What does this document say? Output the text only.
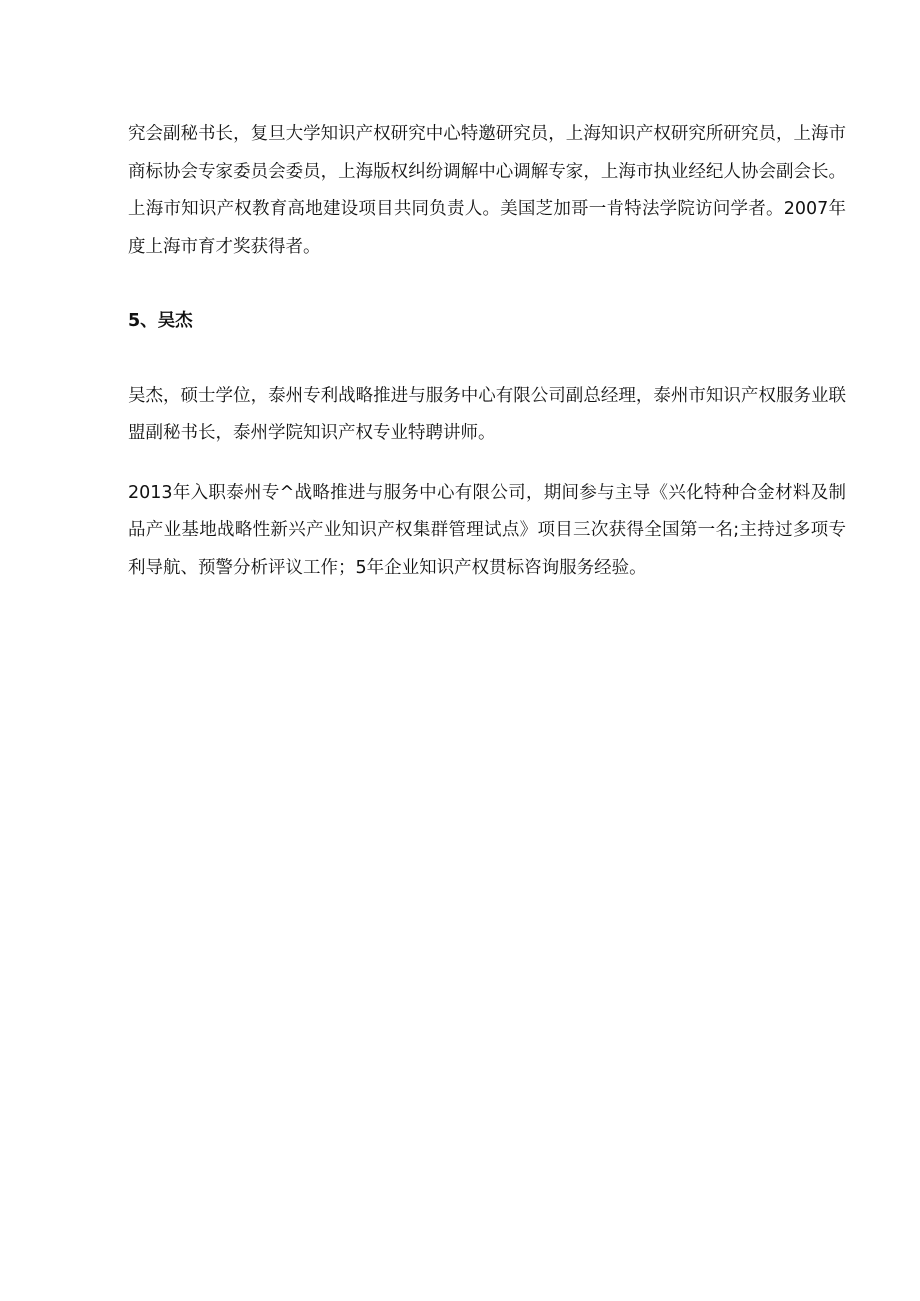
究会副秘书长，复旦大学知识产权研究中心特邀研究员，上海知识产权研究所研究员，上海市商标协会专家委员会委员，上海版权纠纷调解中心调解专家，上海市执业经纪人协会副会长。上海市知识产权教育高地建设项目共同负责人。美国芝加哥一肯特法学院访问学者。2007年度上海市育才奖获得者。

5、吴杰

吴杰，硕士学位，泰州专利战略推进与服务中心有限公司副总经理，泰州市知识产权服务业联盟副秘书长，泰州学院知识产权专业特聘讲师。

2013年入职泰州专^战略推进与服务中心有限公司，期间参与主导《兴化特种合金材料及制品产业基地战略性新兴产业知识产权集群管理试点》项目三次获得全国第一名;主持过多项专利导航、预警分析评议工作；5年企业知识产权贯标咨询服务经验。
